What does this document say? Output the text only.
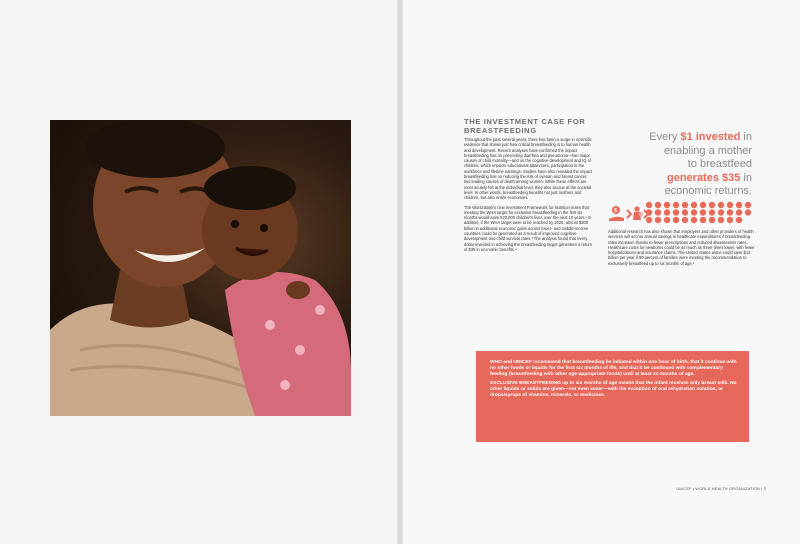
THE INVESTMENT CASE FOR BREASTFEEDING

Throughout the past several years, there has been a surge in scientific evidence that shows just how critical breastfeeding is to human health and development. Recent analyses have confirmed the impact breastfeeding has on preventing diarrhea and pneumonia—two major causes of child mortality—and on the cognitive development and IQ of children, which impacts educational attainment, participation in the workforce and lifetime earnings. Studies have also revealed the impact breastfeeding has on reducing the risk of ovarian and breast cancer, two leading causes of death among women. While these effects are most acutely felt at the individual level, they also accrue at the societal level. In other words, breastfeeding benefits not just mothers and children, but also entire economies.

The World Bank's new Investment Framework for Nutrition notes that meeting the WHA target for exclusive breastfeeding in the first six months would save 520,000 children's lives over the next 10 years.¹ In addition, if the WHA target were to be reached by 2025, almost $300 billion in additional economic gains across lower- and middle-income countries could be generated as a result of improved cognitive development and child survival rates.³ The analysis found that every dollar invested in achieving the breastfeeding target generates a return of $35 in economic benefits.⁴

Every $1 invested in
enabling a mother
to breastfeed
generates $35 in
economic returns.
$

Additional research has also shown that employers and other providers of health services will accrue annual savings in healthcare expenditures if breastfeeding rates increase, thanks to fewer prescriptions and reduced absenteeism rates. Healthcare costs for newborns could be as much as three times lower, with fewer hospitalizations and insurance claims. The United States alone could save $13 billion per year if 90 percent of families were meeting the recommendation to exclusively breastfeed up to six months of age.⁵

WHO and UNICEF recommend that breastfeeding be initiated within one hour of birth, that it continue with no other foods or liquids for the first six months of life, and that it be continued with complementary feeding (breastfeeding with other age-appropriate foods) until at least 24 months of age.

EXCLUSIVE BREASTFEEDING up to six months of age means that the infant receives only breast milk. No other liquids or solids are given—not even water—with the exception of oral rehydration solution, or drops/syrups of vitamins, minerals, or medicines.

UNICEF | WORLD HEALTH ORGANIZATION | 3
